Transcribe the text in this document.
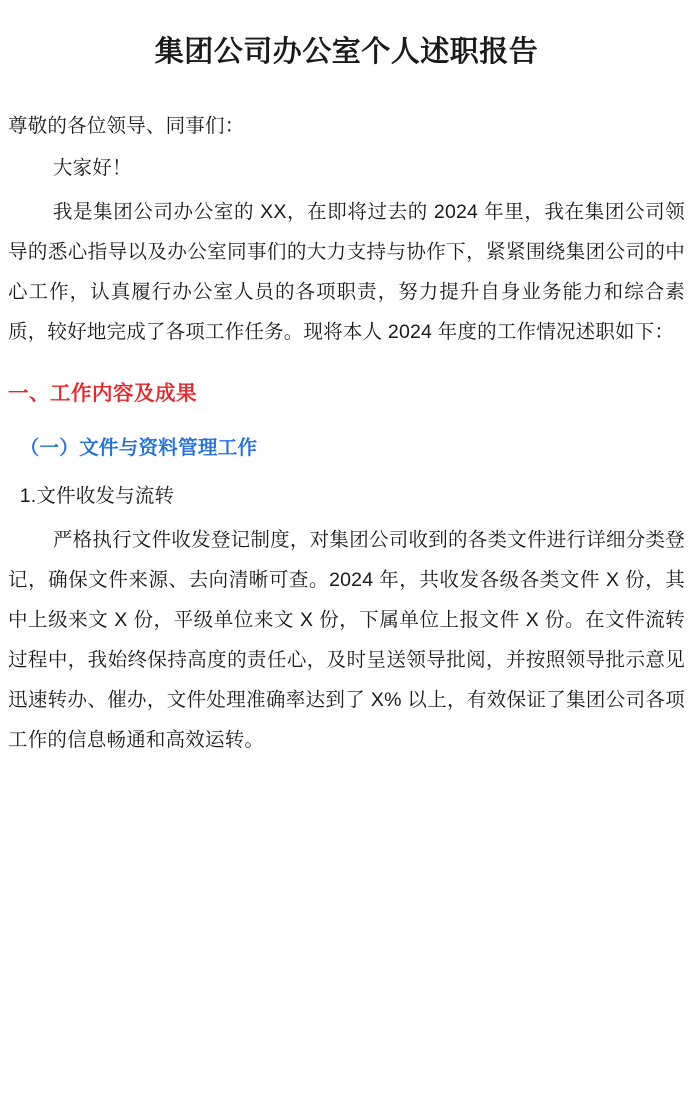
集团公司办公室个人述职报告

尊敬的各位领导、同事们：

大家好！

我是集团公司办公室的 XX，在即将过去的 2024 年里，我在集团公司领导的悉心指导以及办公室同事们的大力支持与协作下，紧紧围绕集团公司的中心工作，认真履行办公室人员的各项职责，努力提升自身业务能力和综合素质，较好地完成了各项工作任务。现将本人 2024 年度的工作情况述职如下：

一、工作内容及成果

（一）文件与资料管理工作

1.文件收发与流转

严格执行文件收发登记制度，对集团公司收到的各类文件进行详细分类登记，确保文件来源、去向清晰可查。2024 年，共收发各级各类文件 X 份，其中上级来文 X 份，平级单位来文 X 份，下属单位上报文件 X 份。在文件流转过程中，我始终保持高度的责任心，及时呈送领导批阅，并按照领导批示意见迅速转办、催办，文件处理准确率达到了 X% 以上，有效保证了集团公司各项工作的信息畅通和高效运转。
